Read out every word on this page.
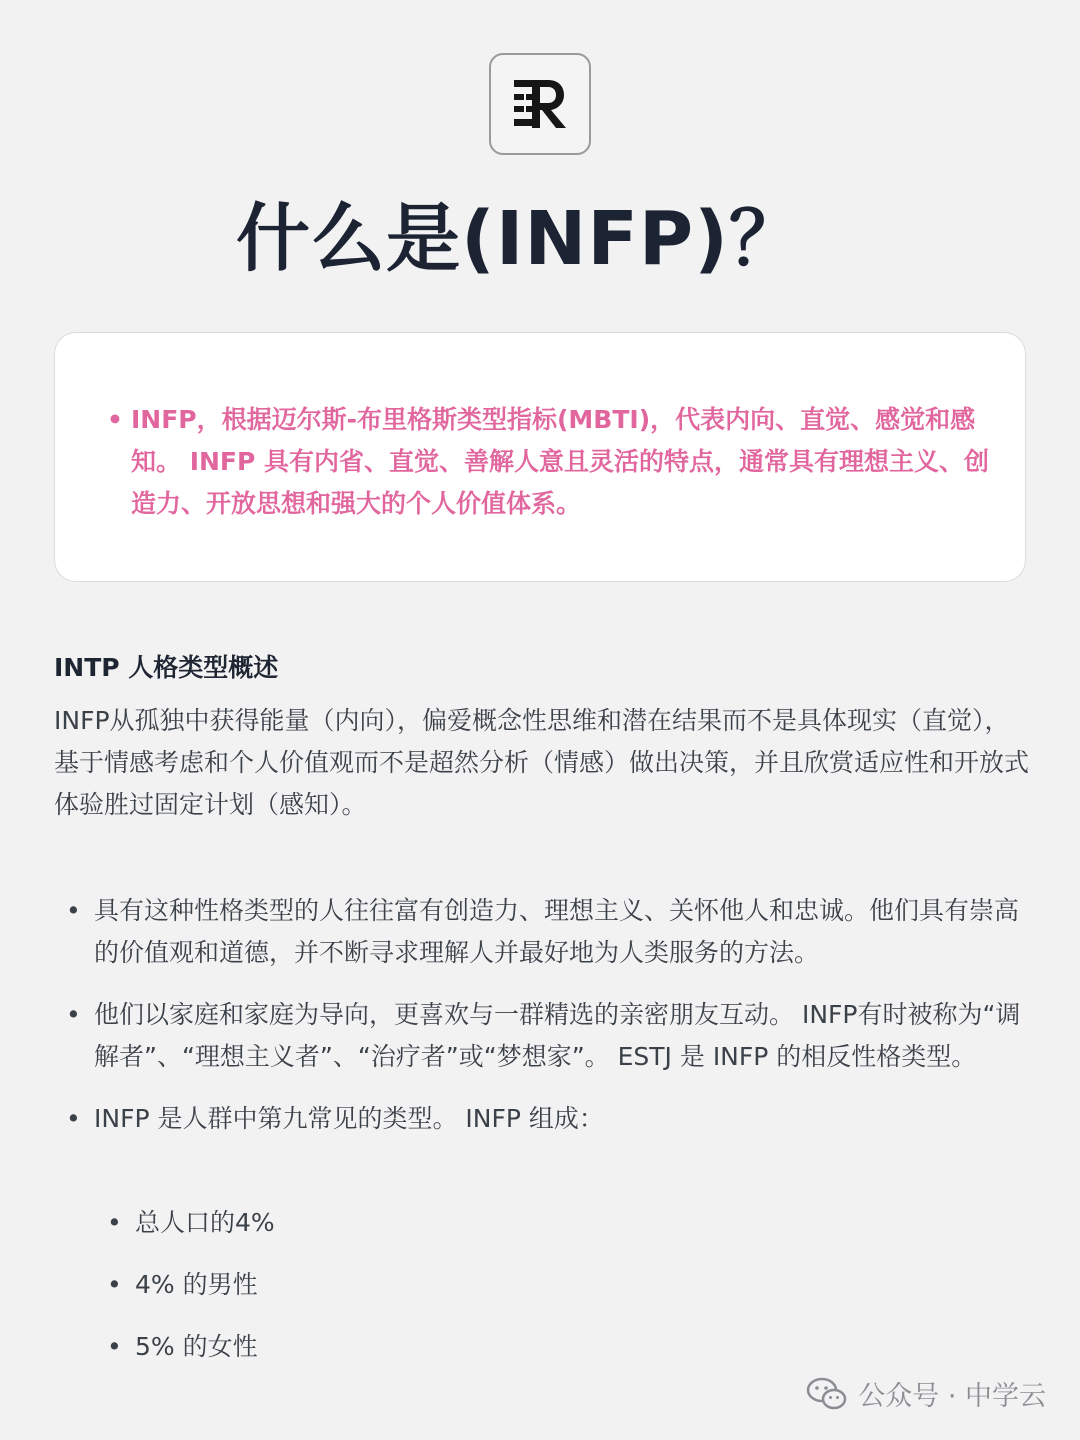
什么是(INFP)？
• INFP，根据迈尔斯-布里格斯类型指标(MBTI)，代表内向、直觉、感觉和感知。 INFP 具有内省、直觉、善解人意且灵活的特点，通常具有理想主义、创造力、开放思想和强大的个人价值体系。
INTP 人格类型概述
INFP从孤独中获得能量（内向），偏爱概念性思维和潜在结果而不是具体现实（直觉），基于情感考虑和个人价值观而不是超然分析（情感）做出决策，并且欣赏适应性和开放式体验胜过固定计划（感知）。
• 具有这种性格类型的人往往富有创造力、理想主义、关怀他人和忠诚。他们具有崇高的价值观和道德，并不断寻求理解人并最好地为人类服务的方法。
• 他们以家庭和家庭为导向，更喜欢与一群精选的亲密朋友互动。 INFP有时被称为“调解者”、“理想主义者”、“治疗者”或“梦想家”。 ESTJ 是 INFP 的相反性格类型。
• INFP 是人群中第九常见的类型。 INFP 组成：
• 总人口的4%
• 4% 的男性
• 5% 的女性
公众号 · 中学云
